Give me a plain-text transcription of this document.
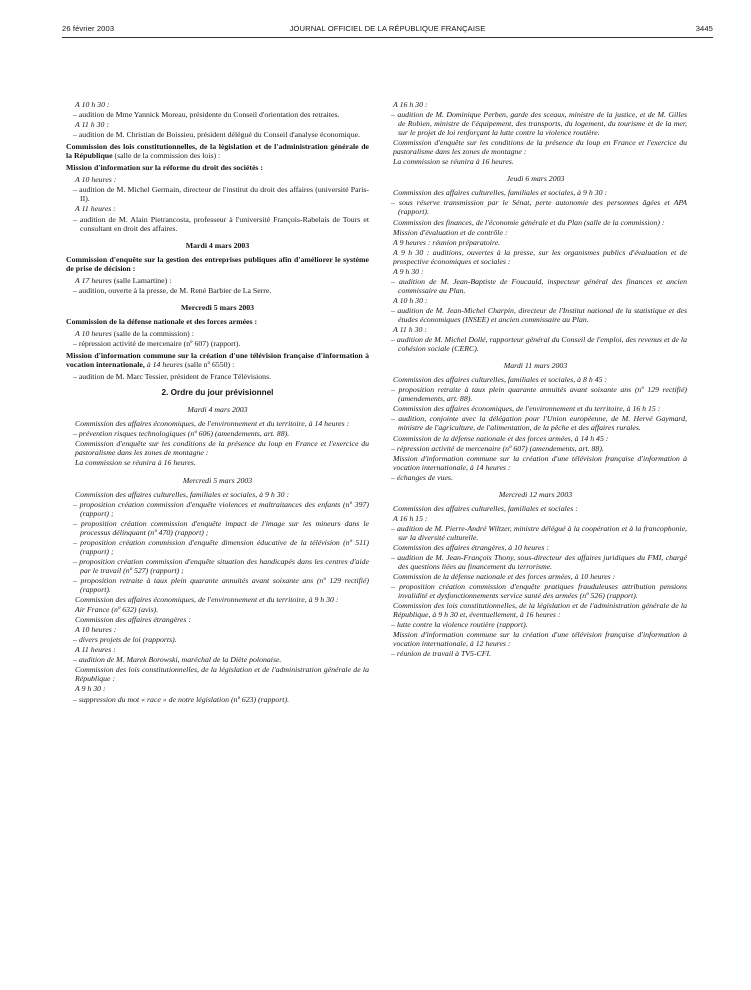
26 février 2003	JOURNAL OFFICIEL DE LA RÉPUBLIQUE FRANÇAISE	3445

A 10 h 30 :

– audition de Mme Yannick Moreau, présidente du Conseil d'orientation des retraites.

A 11 h 30 :

– audition de M. Christian de Boissieu, président délégué du Conseil d'analyse économique.

Commission des lois constitutionnelles, de la législation et de l'administration générale de la République (salle de la commission des lois) :

Mission d'information sur la réforme du droit des sociétés :

A 10 heures :

– audition de M. Michel Germain, directeur de l'institut du droit des affaires (université Paris-II).

A 11 heures :

– audition de M. Alain Pietrancosta, professeur à l'université François-Rabelais de Tours et consultant en droit des affaires.

Mardi 4 mars 2003

Commission d'enquête sur la gestion des entreprises publiques afin d'améliorer le système de prise de décision :

A 17 heures (salle Lamartine) :

– audition, ouverte à la presse, de M. René Barbier de La Serre.

Mercredi 5 mars 2003

Commission de la défense nationale et des forces armées :

A 10 heures (salle de la commission) :

– répression activité de mercenaire (nº 607) (rapport).

Mission d'information commune sur la création d'une télévision française d'information à vocation internationale, à 14 heures (salle nº 6550) :

– audition de M. Marc Tessier, président de France Télévisions.

2. Ordre du jour prévisionnel

Mardi 4 mars 2003

Commission des affaires économiques, de l'environnement et du territoire, à 14 heures :

– prévention risques technologiques (nº 606) (amendements, art. 88).

Commission d'enquête sur les conditions de la présence du loup en France et l'exercice du pastoralisme dans les zones de montagne :

La commission se réunira à 16 heures.

Mercredi 5 mars 2003

Commission des affaires culturelles, familiales et sociales, à 9 h 30 :

– proposition création commission d'enquête violences et maltraitances des enfants (nº 397) (rapport) ;

– proposition création commission d'enquête impact de l'image sur les mineurs dans le processus délinquant (nº 470) (rapport) ;

– proposition création commission d'enquête dimension éducative de la télévision (nº 511) (rapport) ;

– proposition création commission d'enquête situation des handicapés dans les centres d'aide par le travail (nº 527) (rapport) ;

– proposition retraite à taux plein quarante annuités avant soixante ans (nº 129 rectifié) (rapport).

Commission des affaires économiques, de l'environnement et du territoire, à 9 h 30 :

Air France (nº 632) (avis).

Commission des affaires étrangères :

A 10 heures :

– divers projets de loi (rapports).

A 11 heures :

– audition de M. Marek Borowski, maréchal de la Diète polonaise.

Commission des lois constitutionnelles, de la législation et de l'administration générale de la République :

A 9 h 30 :

– suppression du mot « race » de notre législation (nº 623) (rapport).

A 16 h 30 :

– audition de M. Dominique Perben, garde des sceaux, ministre de la justice, et de M. Gilles de Robien, ministre de l'équipement, des transports, du logement, du tourisme et de la mer, sur le projet de loi renforçant la lutte contre la violence routière.

Commission d'enquête sur les conditions de la présence du loup en France et l'exercice du pastoralisme dans les zones de montagne :

La commission se réunira à 16 heures.

Jeudi 6 mars 2003

Commission des affaires culturelles, familiales et sociales, à 9 h 30 :

– sous réserve transmission par le Sénat, perte autonomie des personnes âgées et APA (rapport).

Commission des finances, de l'économie générale et du Plan (salle de la commission) :

Mission d'évaluation et de contrôle :

A 9 heures : réunion préparatoire.

A 9 h 30 : auditions, ouvertes à la presse, sur les organismes publics d'évaluation et de prospective économiques et sociales :

A 9 h 30 :

– audition de M. Jean-Baptiste de Foucauld, inspecteur général des finances et ancien commissaire au Plan.

A 10 h 30 :

– audition de M. Jean-Michel Charpin, directeur de l'Institut national de la statistique et des études économiques (INSEE) et ancien commissaire au Plan.

A 11 h 30 :

– audition de M. Michel Dollé, rapporteur général du Conseil de l'emploi, des revenus et de la cohésion sociale (CERC).

Mardi 11 mars 2003

Commission des affaires culturelles, familiales et sociales, à 8 h 45 :

– proposition retraite à taux plein quarante annuités avant soixante ans (nº 129 rectifié) (amendements, art. 88).

Commission des affaires économiques, de l'environnement et du territoire, à 16 h 15 :

– audition, conjointe avec la délégation pour l'Union européenne, de M. Hervé Gaymard, ministre de l'agriculture, de l'alimentation, de la pêche et des affaires rurales.

Commission de la défense nationale et des forces armées, à 14 h 45 :

– répression activité de mercenaire (nº 607) (amendements, art. 88).

Mission d'information commune sur la création d'une télévision française d'information à vocation internationale, à 14 heures :

– échanges de vues.

Mercredi 12 mars 2003

Commission des affaires culturelles, familiales et sociales :

A 16 h 15 :

– audition de M. Pierre-André Wiltzer, ministre délégué à la coopération et à la francophonie, sur la diversité culturelle.

Commission des affaires étrangères, à 10 heures :

– audition de M. Jean-François Thony, sous-directeur des affaires juridiques du FMI, chargé des questions liées au financement du terrorisme.

Commission de la défense nationale et des forces armées, à 10 heures :

– proposition création commission d'enquête pratiques frauduleuses attribution pensions invalidité et dysfonctionnements service santé des armées (nº 526) (rapport).

Commission des lois constitutionnelles, de la législation et de l'administration générale de la République, à 9 h 30 et, éventuellement, à 16 heures :

– lutte contre la violence routière (rapport).

Mission d'information commune sur la création d'une télévision française d'information à vocation internationale, à 12 heures :

– réunion de travail à TV5-CFI.
